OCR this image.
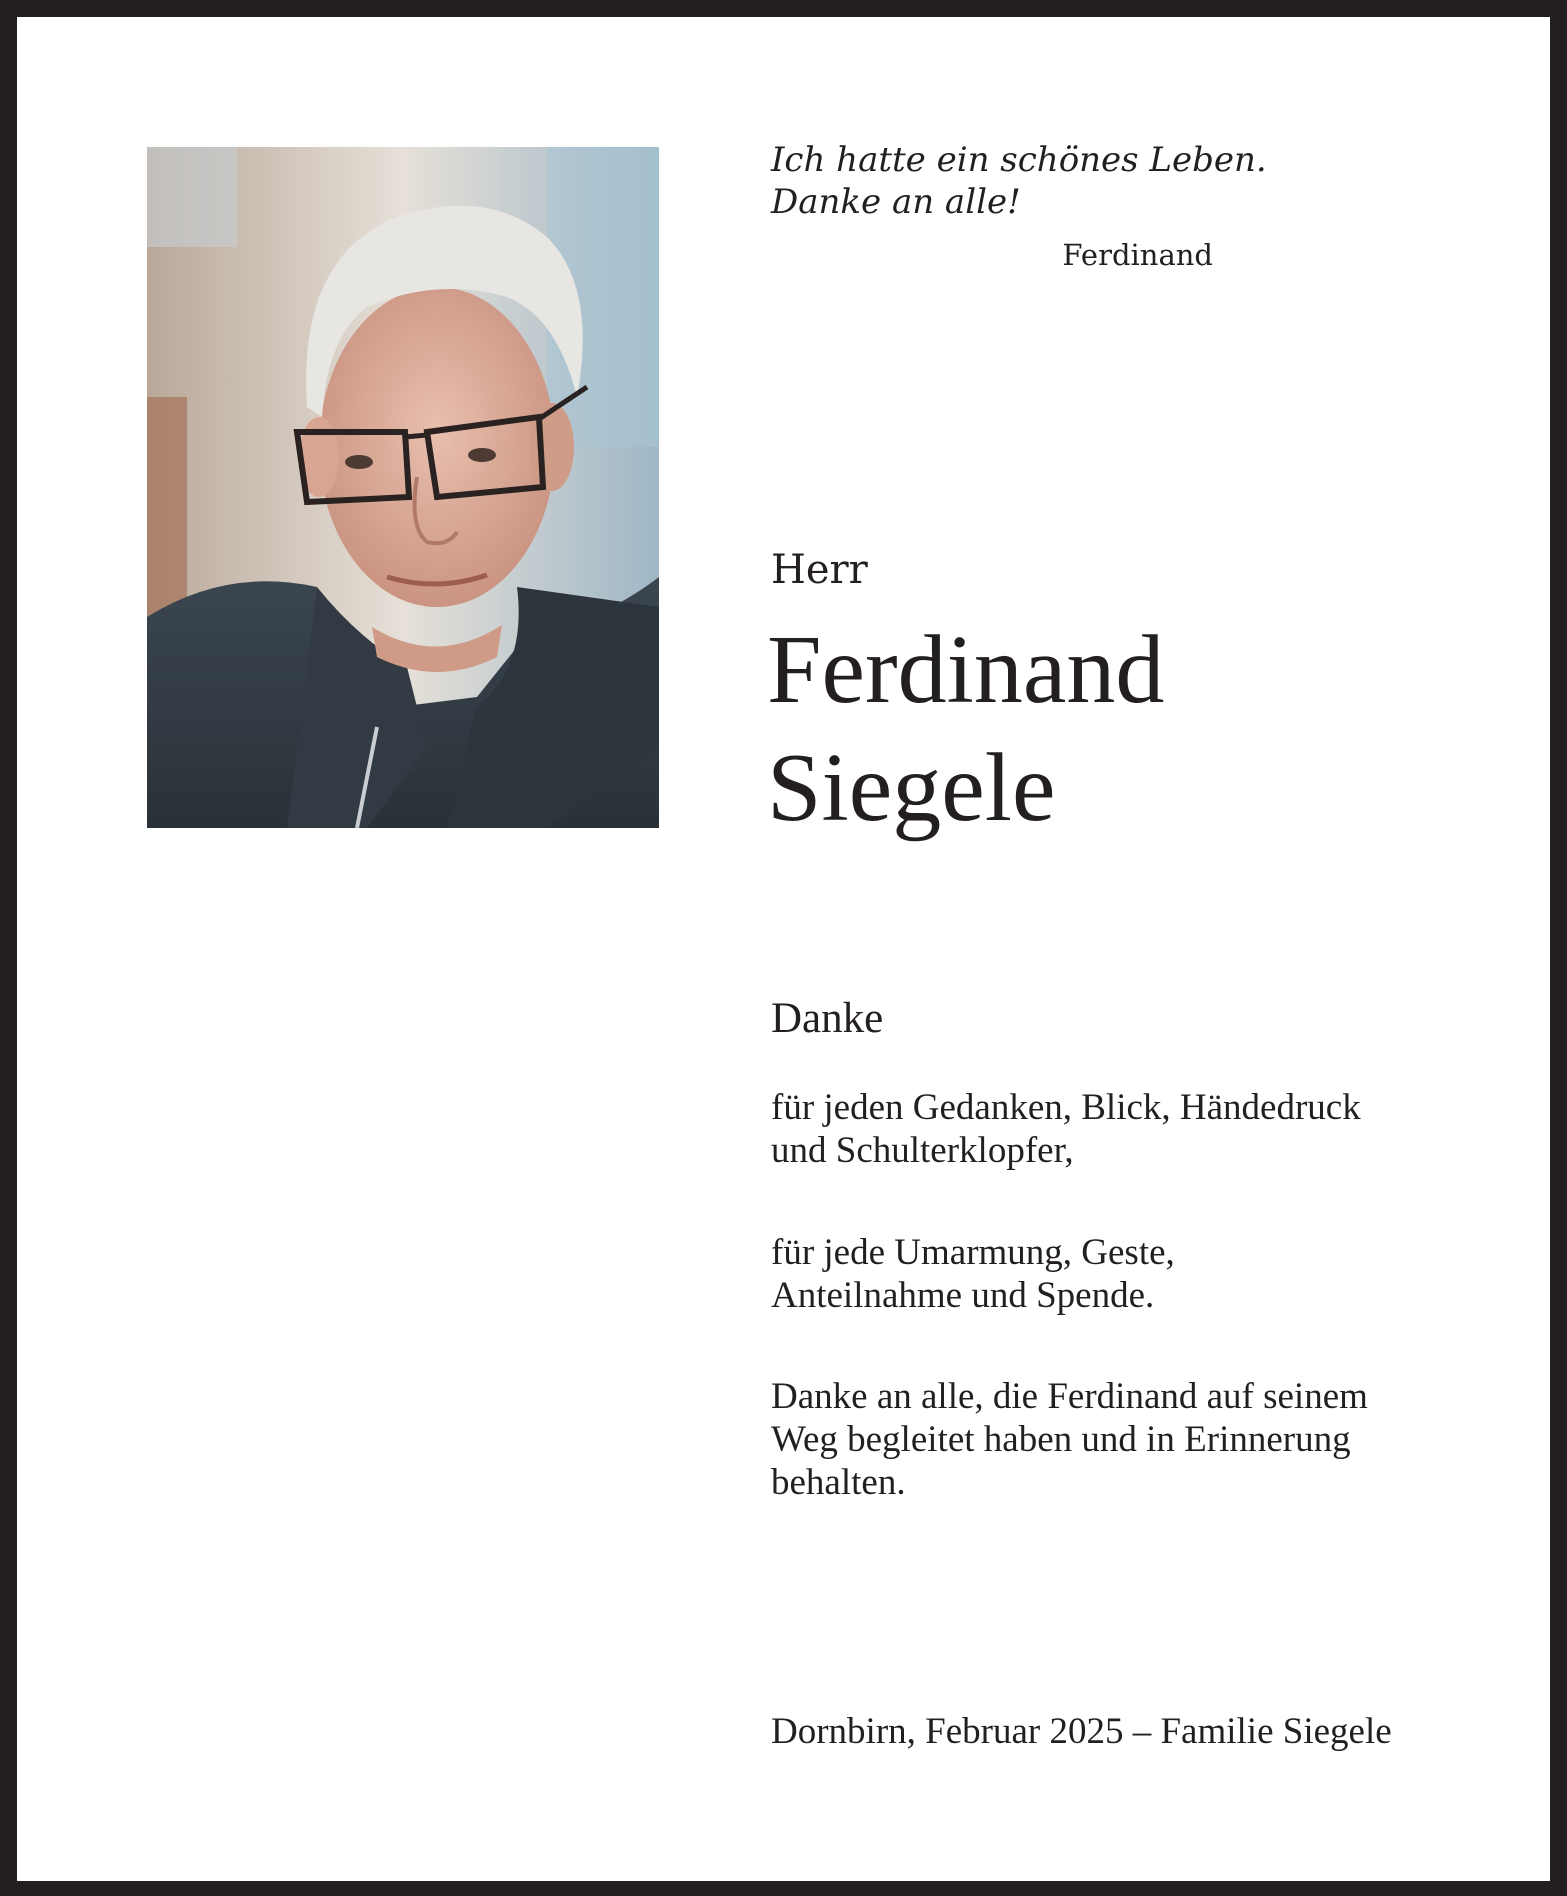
Ich hatte ein schönes Leben.
Danke an alle!
Ferdinand
Herr
Ferdinand
Siegele
Danke
für jeden Gedanken, Blick, Händedruck
und Schulterklopfer,
für jede Umarmung, Geste,
Anteilnahme und Spende.
Danke an alle, die Ferdinand auf seinem
Weg begleitet haben und in Erinnerung
behalten.
Dornbirn, Februar 2025 – Familie Siegele
